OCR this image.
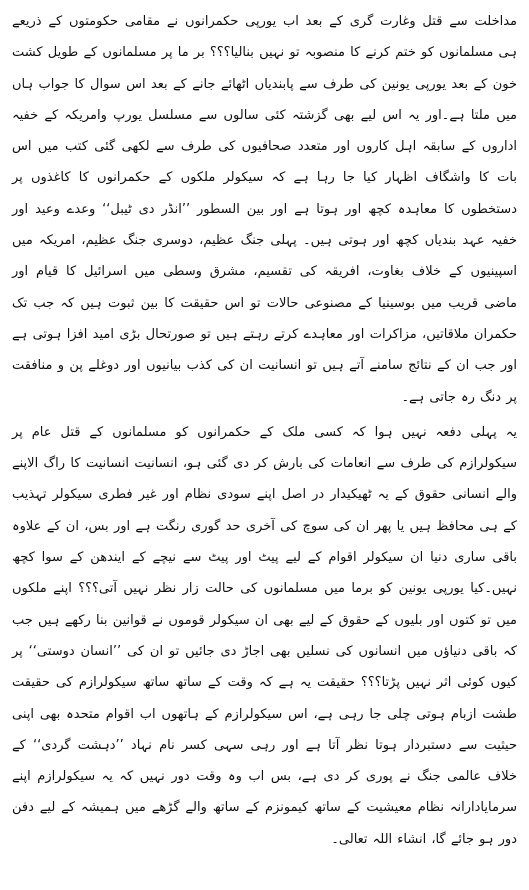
مداخلت سے قتل وغارت گری کے بعد اب یورپی حکمرانوں نے مقامی حکومتوں کے ذریعے ہی مسلمانوں کو ختم کرنے کا منصوبہ تو نہیں بنالیا؟؟؟ بر ما پر مسلمانوں کے طویل کشت خون کے بعد یورپی یونین کی طرف سے پابندیاں اٹھائے جانے کے بعد اس سوال کا جواب ہاں میں ملتا ہے۔اور یہ اس لیے بھی گزشتہ کئی سالوں سے مسلسل یورپ وامریکہ کے خفیہ اداروں کے سابقہ اہل کاروں اور متعدد صحافیوں کی طرف سے لکھی گئی کتب میں اس بات کا واشگاف اظہار کیا جا رہا ہے کہ سیکولر ملکوں کے حکمرانوں کا کاغذوں پر دستخطوں کا معاہدہ کچھ اور ہوتا ہے اور بین السطور ’’انڈر دی ٹیبل‘‘ وعدے وعید اور خفیہ عہد بندیاں کچھ اور ہوتی ہیں۔ پہلی جنگ عظیم، دوسری جنگ عظیم، امریکہ میں اسپینیوں کے خلاف بغاوت، افریقہ کی تقسیم، مشرق وسطی میں اسرائیل کا قیام اور ماضی قریب میں بوسینیا کے مصنوعی حالات تو اس حقیقت کا بین ثبوت ہیں کہ جب تک حکمران ملاقاتیں، مزاکرات اور معاہدے کرتے رہتے ہیں تو صورتحال بڑی امید افزا ہوتی ہے اور جب ان کے نتائج سامنے آتے ہیں تو انسانیت ان کی کذب بیانیوں اور دوغلے پن و منافقت پر دنگ رہ جاتی ہے۔

یہ پہلی دفعہ نہیں ہوا کہ کسی ملک کے حکمرانوں کو مسلمانوں کے قتل عام پر سیکولرازم کی طرف سے انعامات کی بارش کر دی گئی ہو، انسانیت انسانیت کا راگ الاپنے والے انسانی حقوق کے یہ ٹھیکیدار در اصل اپنے سودی نظام اور غیر فطری سیکولر تہذیب کے ہی محافظ ہیں یا پھر ان کی سوچ کی آخری حد گوری رنگت ہے اور بس، ان کے علاوہ باقی ساری دنیا ان سیکولر اقوام کے لیے پیٹ اور پیٹ سے نیچے کے ایندھن کے سوا کچھ نہیں۔کیا یورپی یونین کو برما میں مسلمانوں کی حالت زار نظر نہیں آتی؟؟؟ اپنے ملکوں میں تو کتوں اور بلیوں کے حقوق کے لیے بھی ان سیکولر قوموں نے قوانین بنا رکھے ہیں جب کہ باقی دنیاؤں میں انسانوں کی نسلیں بھی اجاڑ دی جائیں تو ان کی ’’انسان دوستی‘‘ پر کیوں کوئی اثر نہیں پڑتا؟؟؟ حقیقت یہ ہے کہ وقت کے ساتھ ساتھ سیکولرازم کی حقیقت طشت ازبام ہوتی چلی جا رہی ہے، اس سیکولرازم کے ہاتھوں اب اقوام متحدہ بھی اپنی حیثیت سے دستبردار ہوتا نظر آتا ہے اور رہی سہی کسر نام نہاد ’’دہشت گردی‘‘ کے خلاف عالمی جنگ نے پوری کر دی ہے، بس اب وہ وقت دور نہیں کہ یہ سیکولرازم اپنے سرمایادارانہ نظام معیشیت کے ساتھ کیمونزم کے ساتھ والے گڑھے میں ہمیشہ کے لیے دفن دور ہو جائے گا، انشاء اللہ تعالی۔
